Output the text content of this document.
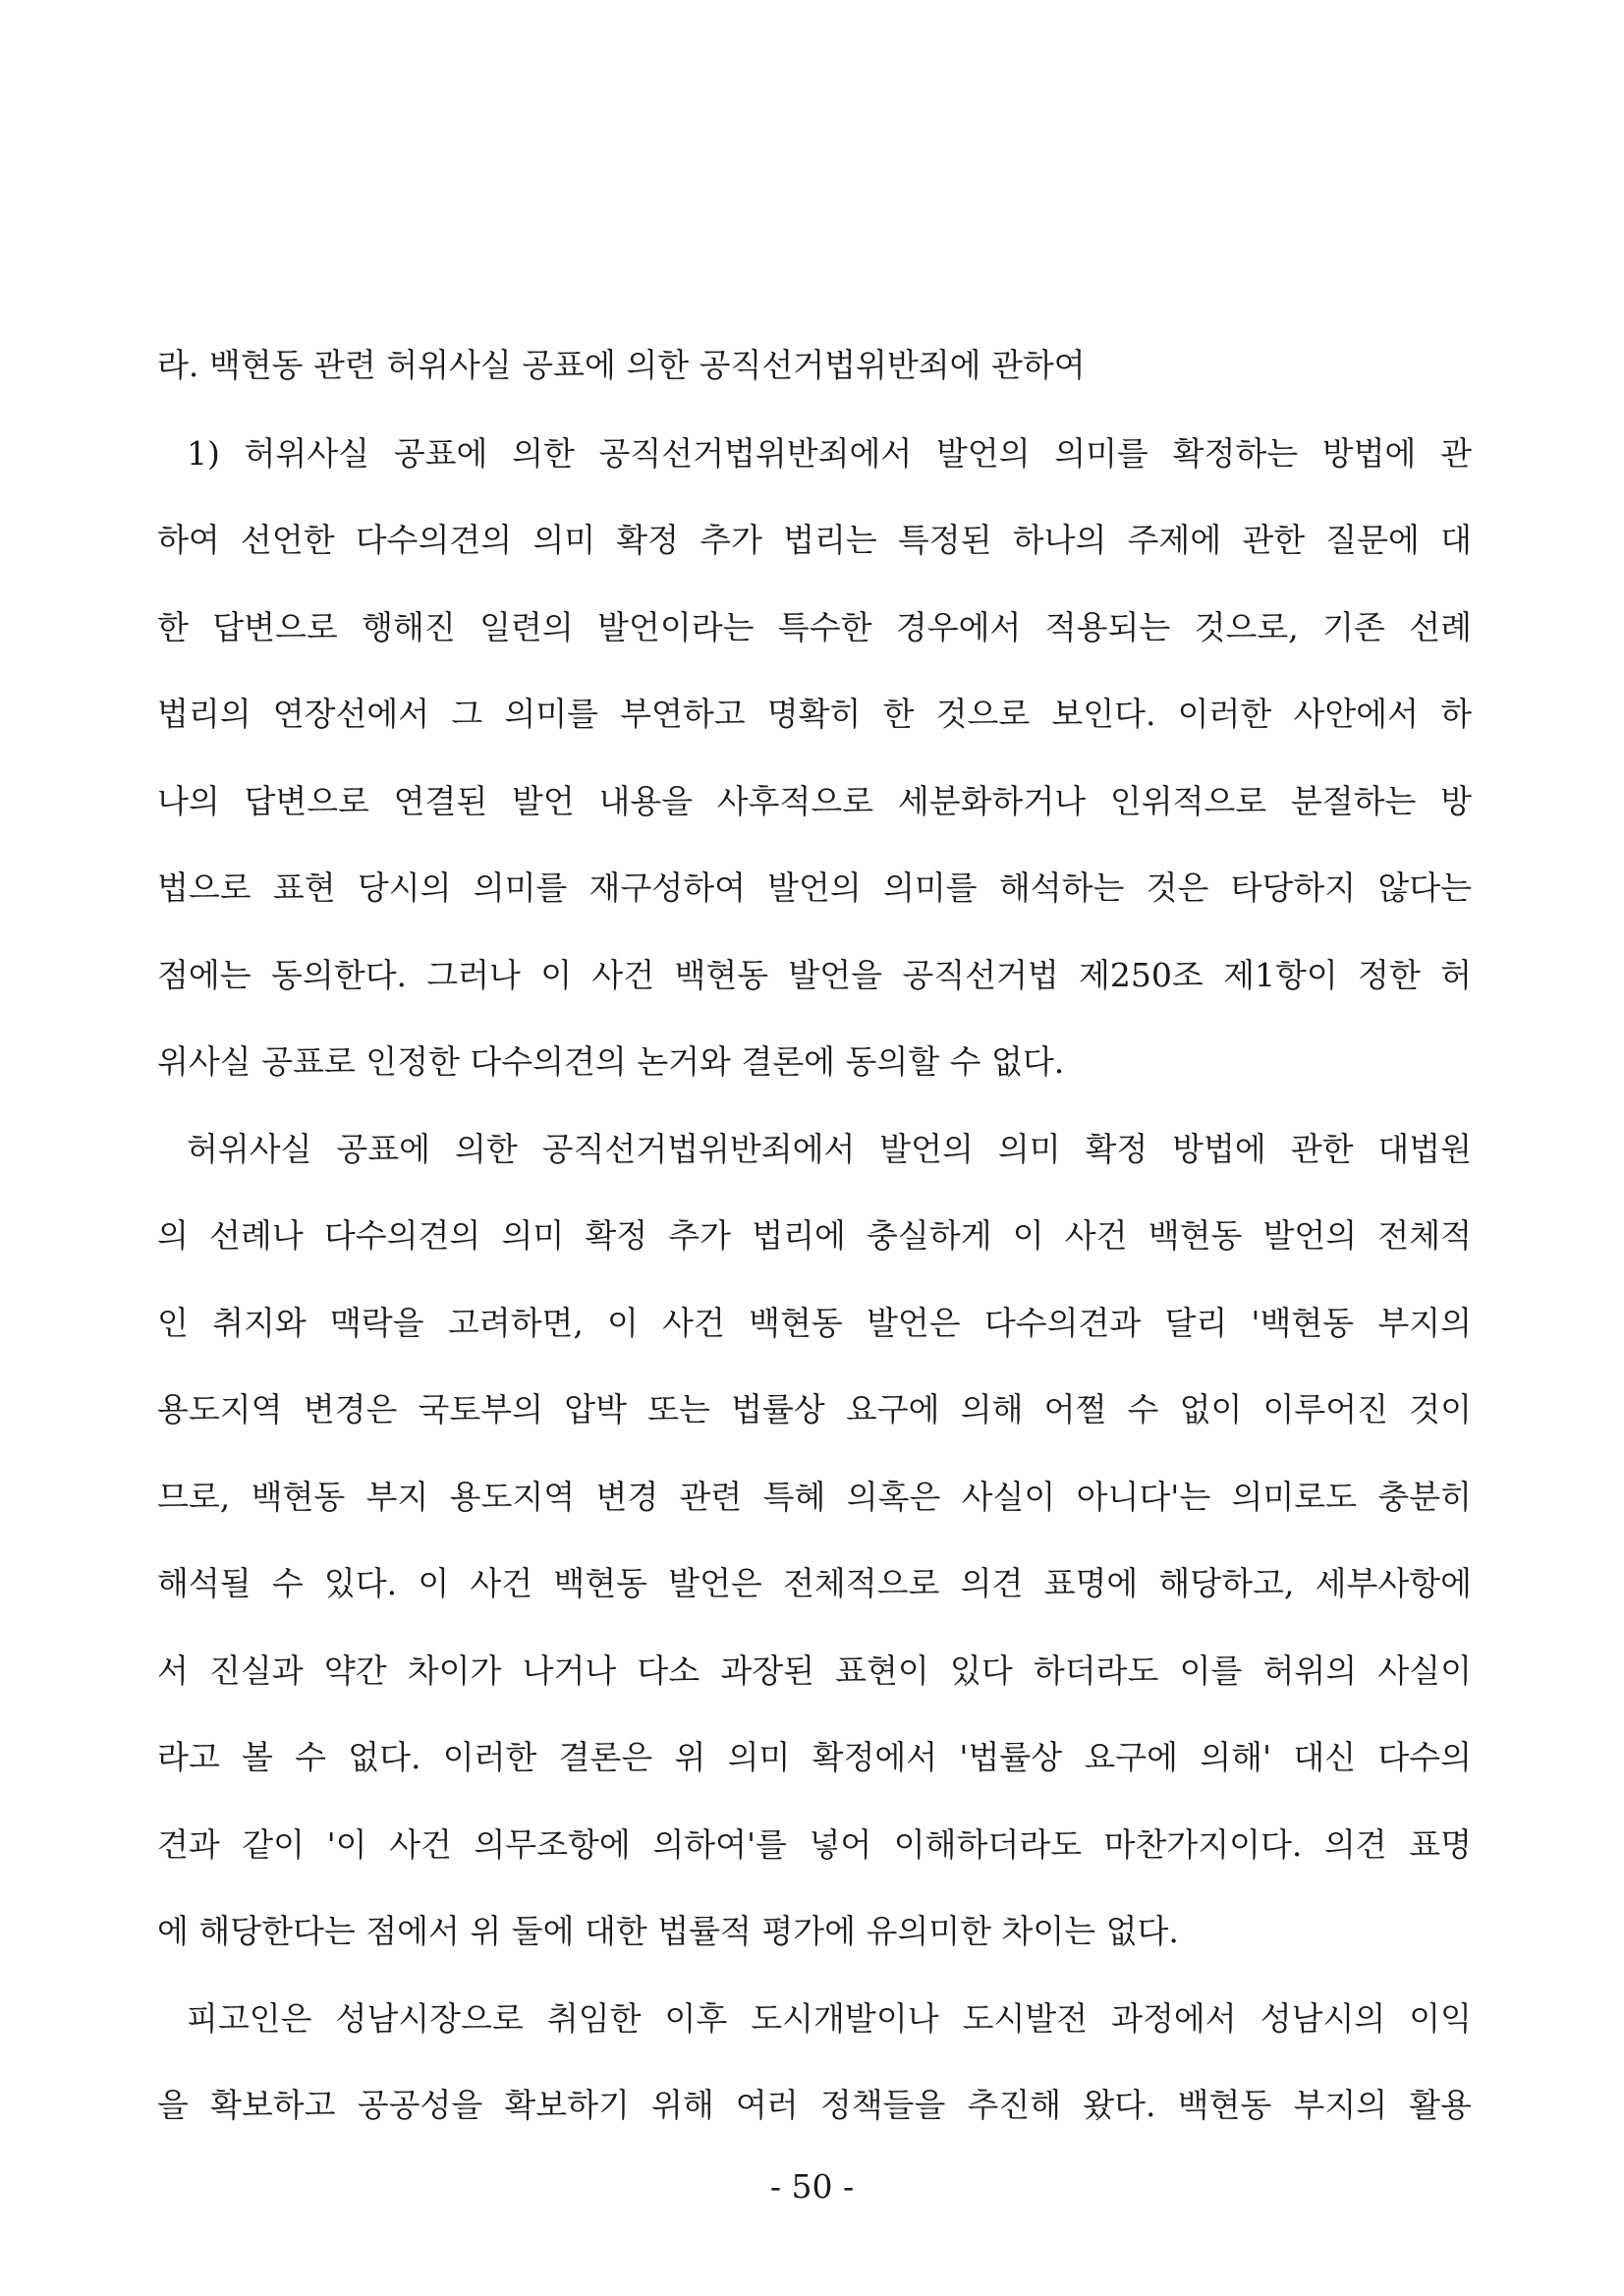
라. 백현동 관련 허위사실 공표에 의한 공직선거법위반죄에 관하여
1) 허위사실 공표에 의한 공직선거법위반죄에서 발언의 의미를 확정하는 방법에 관
하여 선언한 다수의견의 의미 확정 추가 법리는 특정된 하나의 주제에 관한 질문에 대
한 답변으로 행해진 일련의 발언이라는 특수한 경우에서 적용되는 것으로, 기존 선례
법리의 연장선에서 그 의미를 부연하고 명확히 한 것으로 보인다. 이러한 사안에서 하
나의 답변으로 연결된 발언 내용을 사후적으로 세분화하거나 인위적으로 분절하는 방
법으로 표현 당시의 의미를 재구성하여 발언의 의미를 해석하는 것은 타당하지 않다는
점에는 동의한다. 그러나 이 사건 백현동 발언을 공직선거법 제250조 제1항이 정한 허
위사실 공표로 인정한 다수의견의 논거와 결론에 동의할 수 없다.
허위사실 공표에 의한 공직선거법위반죄에서 발언의 의미 확정 방법에 관한 대법원
의 선례나 다수의견의 의미 확정 추가 법리에 충실하게 이 사건 백현동 발언의 전체적
인 취지와 맥락을 고려하면, 이 사건 백현동 발언은 다수의견과 달리 '백현동 부지의
용도지역 변경은 국토부의 압박 또는 법률상 요구에 의해 어쩔 수 없이 이루어진 것이
므로, 백현동 부지 용도지역 변경 관련 특혜 의혹은 사실이 아니다'는 의미로도 충분히
해석될 수 있다. 이 사건 백현동 발언은 전체적으로 의견 표명에 해당하고, 세부사항에
서 진실과 약간 차이가 나거나 다소 과장된 표현이 있다 하더라도 이를 허위의 사실이
라고 볼 수 없다. 이러한 결론은 위 의미 확정에서 '법률상 요구에 의해' 대신 다수의
견과 같이 '이 사건 의무조항에 의하여'를 넣어 이해하더라도 마찬가지이다. 의견 표명
에 해당한다는 점에서 위 둘에 대한 법률적 평가에 유의미한 차이는 없다.
피고인은 성남시장으로 취임한 이후 도시개발이나 도시발전 과정에서 성남시의 이익
을 확보하고 공공성을 확보하기 위해 여러 정책들을 추진해 왔다. 백현동 부지의 활용
- 50 -
